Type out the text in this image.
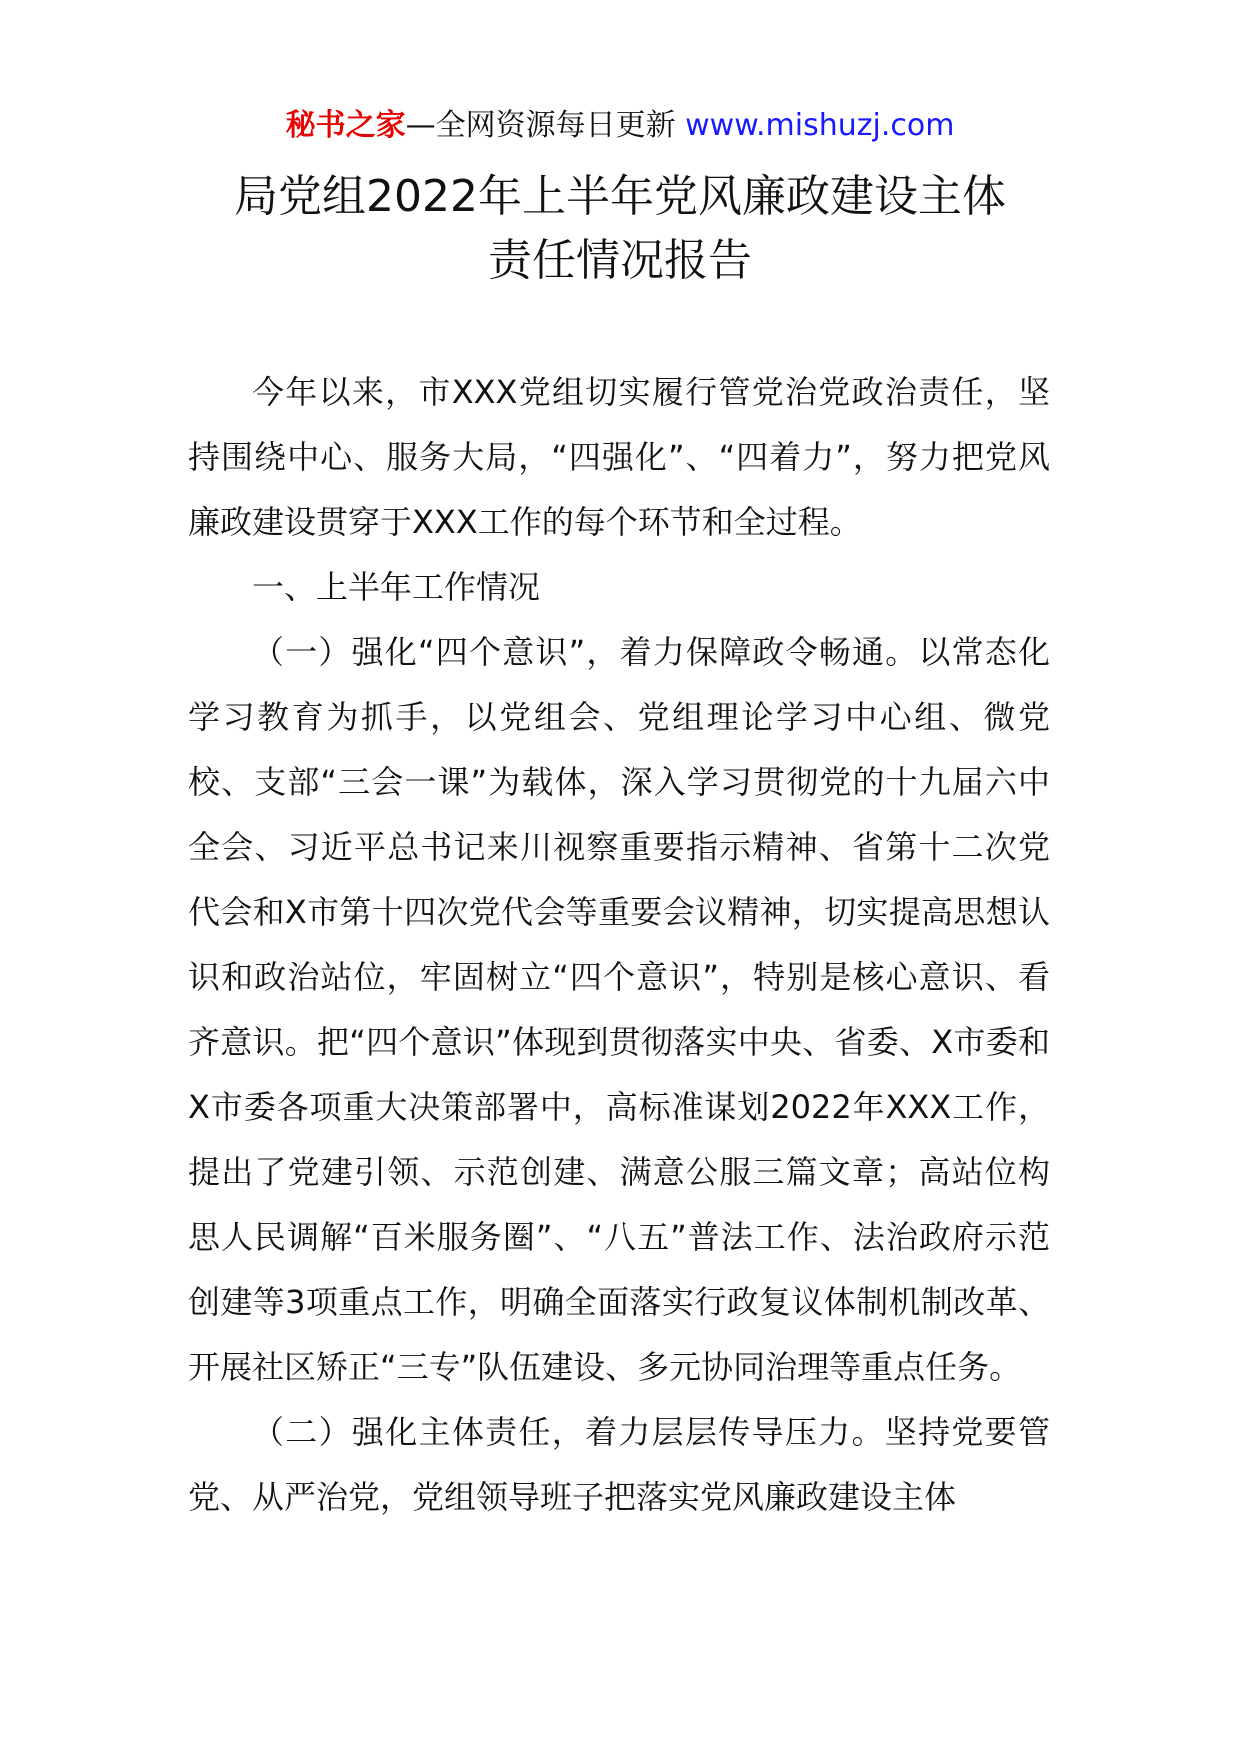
秘书之家—全网资源每日更新 www.mishuzj.com
局党组2022年上半年党风廉政建设主体
责任情况报告

今年以来，市XXX党组切实履行管党治党政治责任，坚持围绕中心、服务大局，“四强化”、“四着力”，努力把党风廉政建设贯穿于XXX工作的每个环节和全过程。

一、上半年工作情况

（一）强化“四个意识”，着力保障政令畅通。以常态化学习教育为抓手，以党组会、党组理论学习中心组、微党校、支部“三会一课”为载体，深入学习贯彻党的十九届六中全会、习近平总书记来川视察重要指示精神、省第十二次党代会和X市第十四次党代会等重要会议精神，切实提高思想认识和政治站位，牢固树立“四个意识”，特别是核心意识、看齐意识。把“四个意识”体现到贯彻落实中央、省委、X市委和X市委各项重大决策部署中，高标准谋划2022年XXX工作，提出了党建引领、示范创建、满意公服三篇文章；高站位构思人民调解“百米服务圈”、“八五”普法工作、法治政府示范创建等3项重点工作，明确全面落实行政复议体制机制改革、开展社区矫正“三专”队伍建设、多元协同治理等重点任务。

（二）强化主体责任，着力层层传导压力。坚持党要管党、从严治党，党组领导班子把落实党风廉政建设主体
